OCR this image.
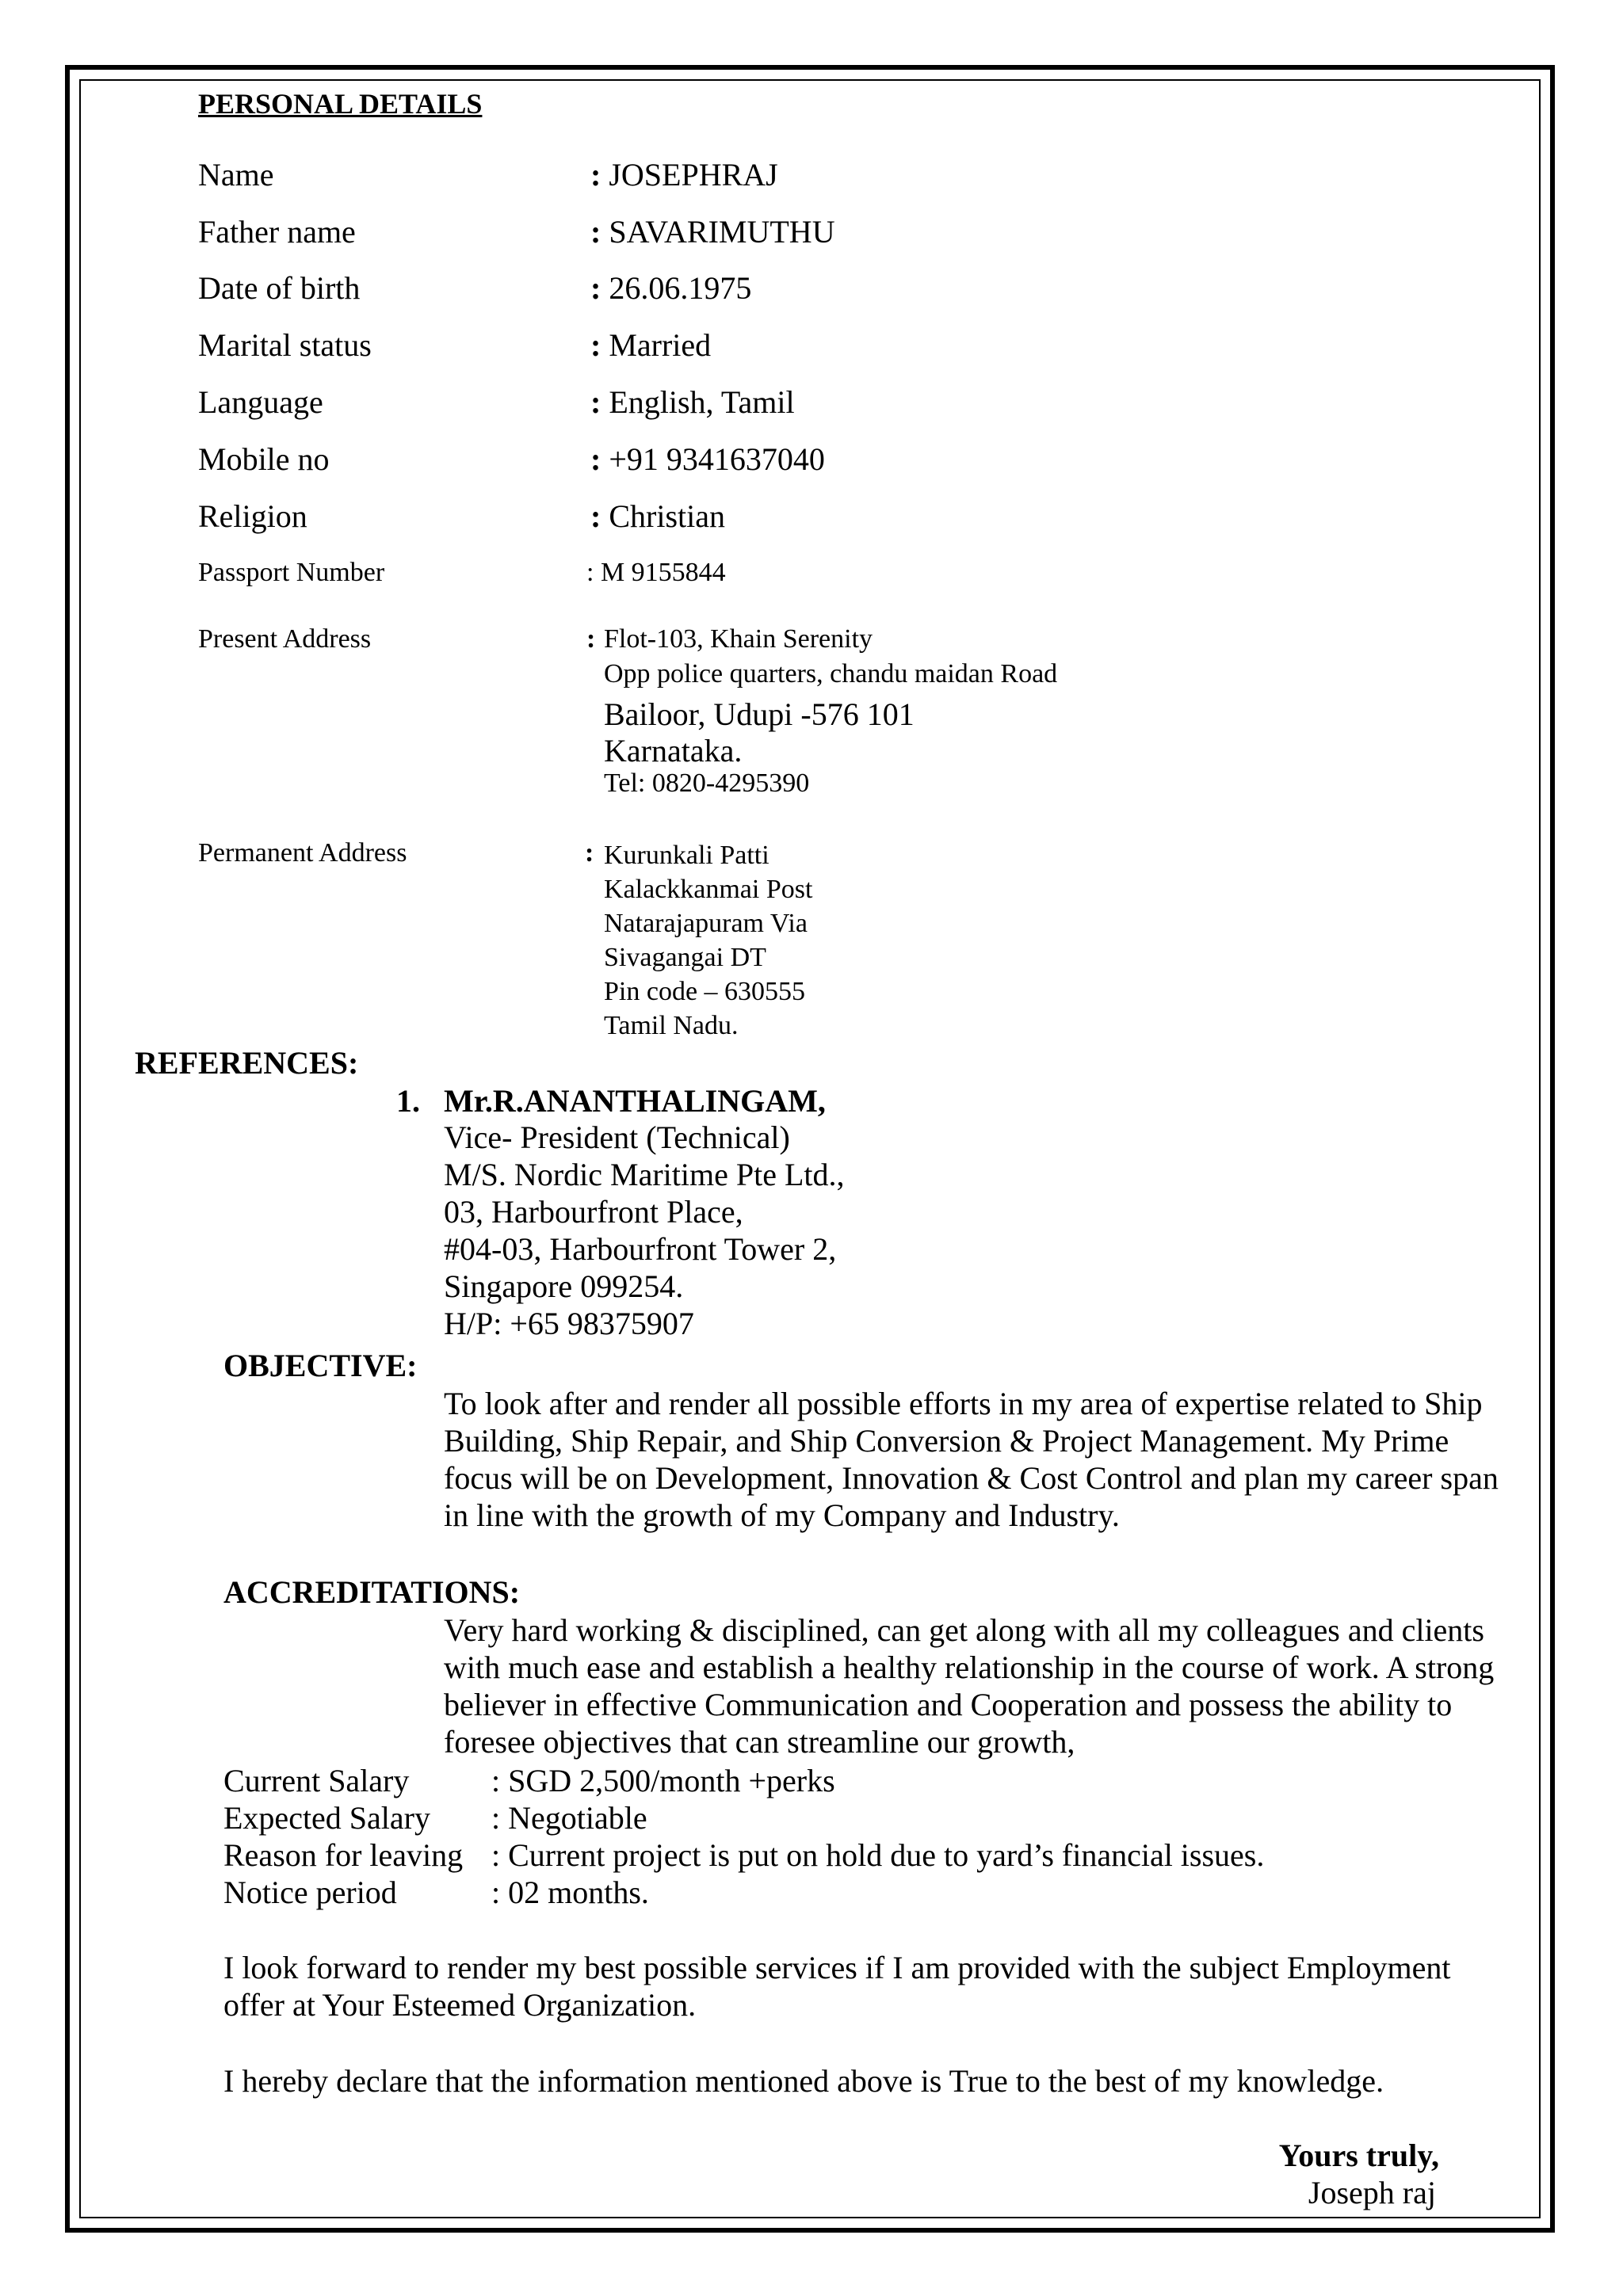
PERSONAL DETAILS
Name	: JOSEPHRAJ
Father name	: SAVARIMUTHU
Date of birth	: 26.06.1975
Marital status	: Married
Language	: English, Tamil
Mobile no	: +91 9341637040
Religion	: Christian
Passport Number	: M 9155844
Present Address	: Flot-103, Khain Serenity
Opp police quarters, chandu maidan Road
Bailoor, Udupi -576 101
Karnataka.
Tel: 0820-4295390
Permanent Address	: Kurunkali Patti
Kalackkanmai Post
Natarajapuram Via
Sivagangai DT
Pin code – 630555
Tamil Nadu.
REFERENCES:
1. Mr.R.ANANTHALINGAM,
Vice- President (Technical)
M/S. Nordic Maritime Pte Ltd.,
03, Harbourfront Place,
#04-03, Harbourfront Tower 2,
Singapore 099254.
H/P: +65 98375907
OBJECTIVE:
To look after and render all possible efforts in my area of expertise related to Ship
Building, Ship Repair, and Ship Conversion & Project Management. My Prime
focus will be on Development, Innovation & Cost Control and plan my career span
in line with the growth of my Company and Industry.
ACCREDITATIONS:
Very hard working & disciplined, can get along with all my colleagues and clients
with much ease and establish a healthy relationship in the course of work. A strong
believer in effective Communication and Cooperation and possess the ability to
foresee objectives that can streamline our growth,
Current Salary	: SGD 2,500/month +perks
Expected Salary : Negotiable
Reason for leaving : Current project is put on hold due to yard’s financial issues.
Notice period	: 02 months.
I look forward to render my best possible services if I am provided with the subject Employment
offer at Your Esteemed Organization.
I hereby declare that the information mentioned above is True to the best of my knowledge.
Yours truly,
Joseph raj
